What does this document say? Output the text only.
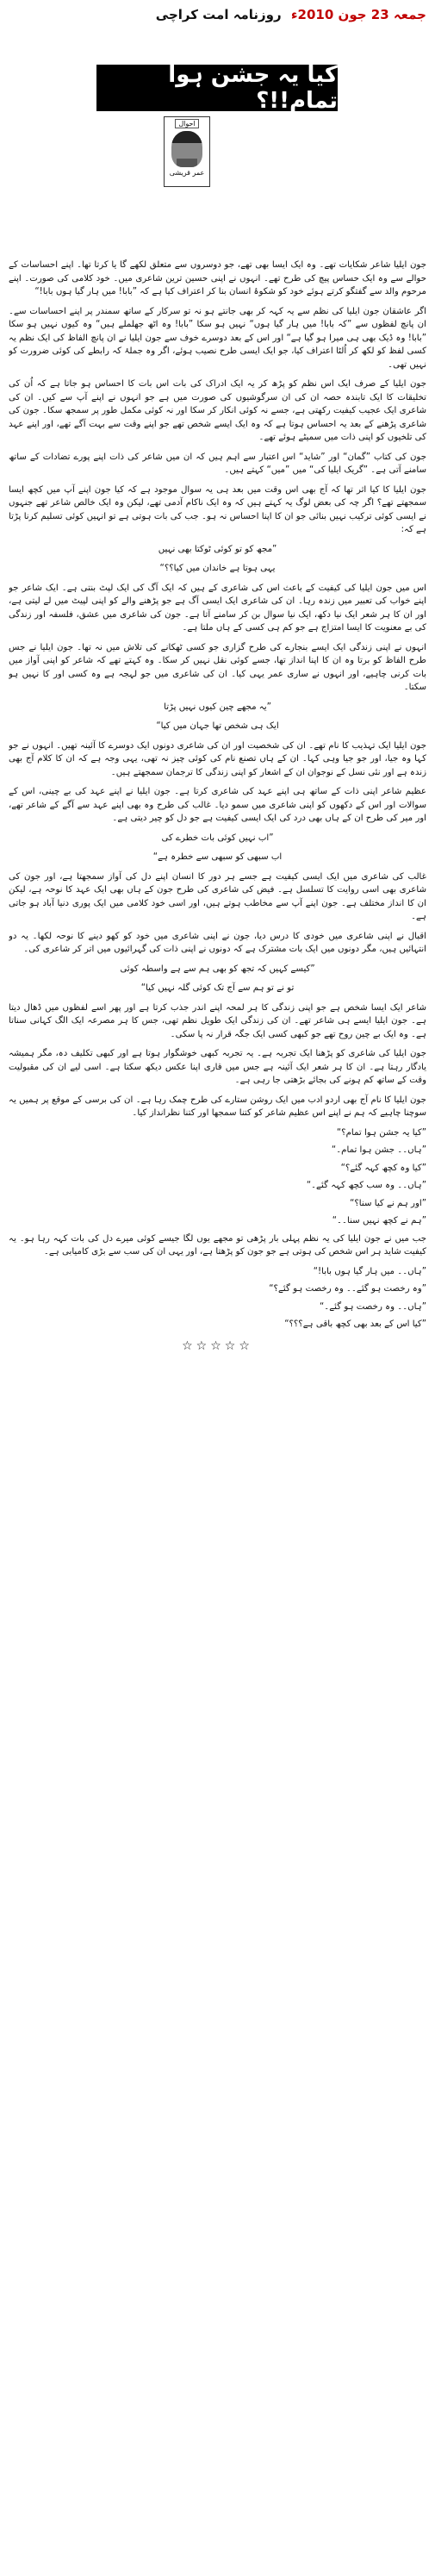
جمعہ 23 جون 2010ء روزنامہ امت کراچی
کیا یہ جشن ہوا تمام!!؟
احوال
عمر قریشی

جون ایلیا شاعر شکایات تھے۔ وہ ایک ایسا بھی تھے، جو دوسروں سے متعلق لکھے گا یا کرتا تھا۔ اپنے احساسات کے حوالے سے وہ ایک حساس پیچ کی طرح تھے۔ انہوں نے اپنی حسین ترین شاعری میں۔ خود کلامی کی صورت۔ اپنے مرحوم والد سے گفتگو کرتے ہوئے خود کو شکوۂ انسان بنا کر اعتراف کیا ہے کہ ”بابا! میں ہار گیا ہوں بابا!“

اگر عاشقان جون ایلیا کی نظم سے یہ کہہ کر بھی جانتے ہو نہ تو سرکار کے ساتھ سمندر پر اپنے احساسات سے۔ ان پانچ لفظوں سے ”کہ بابا! میں ہار گیا ہوں“ نہیں ہو سکا ”بابا! وہ اٹھ جھلملے ہیں“ وہ کیوں نہیں ہو سکا ”بابا! وہ ڈیک بھی ہی میرا ہو گیا ہے“ اور اس کے بعد دوسرے خوف سے جون ایلیا نے ان پانچ الفاظ کی ایک نظم یہ کسی لفظ کو لکھ کر اُلٹا اعتراف کیا، جو ایک ایسی طرح نصیب ہوئے، اگر وہ جملۂ کہ رابطے کی کوئی ضرورت کو نہیں تھی۔

جون ایلیا کے صرف ایک اس نظم کو پڑھ کر یہ ایک ادراک کی بات اس بات کا احساس ہو جاتا ہے کہ اُن کی تخلیقات کا ایک تابندہ حصہ ان کی ان سرگوشیوں کی صورت میں ہے جو انہوں نے اپنے آپ سے کیں۔ ان کی شاعری ایک عجیب کیفیت رکھتی ہے، جسے نہ کوئی انکار کر سکا اور نہ کوئی مکمل طور پر سمجھ سکا۔ جون کی شاعری پڑھنے کے بعد یہ احساس ہوتا ہے کہ وہ ایک ایسے شخص تھے جو اپنے وقت سے بہت آگے تھے، اور اپنے عہد کی تلخیوں کو اپنی ذات میں سمیٹے ہوئے تھے۔

جون کی کتاب ”گمان“ اور ”شاید“ اس اعتبار سے اہم ہیں کہ ان میں شاعر کی ذات اپنے پورے تضادات کے ساتھ سامنے آتی ہے۔ ”گریک ایلیا کی“ میں ”میں“ کہتے ہیں۔

جون ایلیا کا کیا اثر تھا کہ آج بھی اس وقت میں بعد ہی یہ سوال موجود ہے کہ کیا جون اپنے آپ میں کچھ ایسا سمجھتے تھے؟ اگر چہ کی بعض لوگ یہ کہتے ہیں کہ وہ ایک ناکام آدمی تھے، لیکن وہ ایک خالص شاعر تھے جنہوں نے ایسی کوئی ترکیب نہیں بنائی جو ان کا اپنا احساس نہ ہو۔ جب کی بات ہوتی ہے تو انہیں کوئی تسلیم کرنا پڑتا ہے کہ:

”مجھ کو تو کوئی ٹوکتا بھی نہیں
یہی ہوتا ہے خاندان میں کیا؟؟“

اس میں جون ایلیا کی کیفیت کے باعث اس کی شاعری کے ہیں کہ ایک آگ کی ایک لپٹ بنتی ہے۔ ایک شاعر جو اپنے خواب کی تعبیر میں زندہ رہا۔ ان کی شاعری ایک ایسی آگ ہے جو پڑھنے والے کو اپنی لپیٹ میں لے لیتی ہے، اور ان کا ہر شعر ایک نیا دکھ، ایک نیا سوال بن کر سامنے آتا ہے۔ جون کی شاعری میں عشق، فلسفہ اور زندگی کی بے معنویت کا ایسا امتزاج ہے جو کم ہی کسی کے ہاں ملتا ہے۔

انہوں نے اپنی زندگی ایک ایسے بنجارے کی طرح گزاری جو کسی ٹھکانے کی تلاش میں نہ تھا۔ جون ایلیا نے جس طرح الفاظ کو برتا وہ ان کا اپنا انداز تھا، جسے کوئی نقل نہیں کر سکا۔ وہ کہتے تھے کہ شاعر کو اپنی آواز میں بات کرنی چاہیے، اور انہوں نے ساری عمر یہی کیا۔ ان کی شاعری میں جو لہجہ ہے وہ کسی اور کا نہیں ہو سکتا۔

”یہ مجھے چین کیوں نہیں پڑتا
ایک ہی شخص تھا جہان میں کیا“

جون ایلیا ایک تہذیب کا نام تھے۔ ان کی شخصیت اور ان کی شاعری دونوں ایک دوسرے کا آئینہ تھیں۔ انہوں نے جو کہا وہ جیا، اور جو جیا وہی کہا۔ ان کے ہاں تصنع نام کی کوئی چیز نہ تھی، یہی وجہ ہے کہ ان کا کلام آج بھی زندہ ہے اور نئی نسل کے نوجوان ان کے اشعار کو اپنی زندگی کا ترجمان سمجھتے ہیں۔

عظیم شاعر اپنی ذات کے ساتھ ہی اپنے عہد کی شاعری کرتا ہے۔ جون ایلیا نے اپنے عہد کی بے چینی، اس کے سوالات اور اس کے دکھوں کو اپنی شاعری میں سمو دیا۔ غالب کی طرح وہ بھی اپنے عہد سے آگے کے شاعر تھے، اور میر کی طرح ان کے ہاں بھی درد کی ایک ایسی کیفیت ہے جو دل کو چیر دیتی ہے۔

”اب نہیں کوئی بات خطرے کی
اب سبھی کو سبھی سے خطرہ ہے“

غالب کی شاعری میں ایک ایسی کیفیت ہے جسے ہر دور کا انسان اپنے دل کی آواز سمجھتا ہے، اور جون کی شاعری بھی اسی روایت کا تسلسل ہے۔ فیض کی شاعری کی طرح جون کے ہاں بھی ایک عہد کا نوحہ ہے، لیکن ان کا انداز مختلف ہے۔ جون اپنے آپ سے مخاطب ہوتے ہیں، اور اسی خود کلامی میں ایک پوری دنیا آباد ہو جاتی ہے۔

اقبال نے اپنی شاعری میں خودی کا درس دیا، جون نے اپنی شاعری میں خود کو کھو دینے کا نوحہ لکھا۔ یہ دو انتہائیں ہیں، مگر دونوں میں ایک بات مشترک ہے کہ دونوں نے اپنی ذات کی گہرائیوں میں اتر کر شاعری کی۔

”کیسے کہیں کہ تجھ کو بھی ہم سے ہے واسطہ کوئی
تو نے تو ہم سے آج تک کوئی گلہ نہیں کیا“

شاعر ایک ایسا شخص ہے جو اپنی زندگی کا ہر لمحہ اپنے اندر جذب کرتا ہے اور پھر اسے لفظوں میں ڈھال دیتا ہے۔ جون ایلیا ایسے ہی شاعر تھے۔ ان کی زندگی ایک طویل نظم تھی، جس کا ہر مصرعہ ایک الگ کہانی سناتا ہے۔ وہ ایک بے چین روح تھے جو کبھی کسی ایک جگہ قرار نہ پا سکی۔

جون ایلیا کی شاعری کو پڑھنا ایک تجربہ ہے۔ یہ تجربہ کبھی خوشگوار ہوتا ہے اور کبھی تکلیف دہ، مگر ہمیشہ یادگار رہتا ہے۔ ان کا ہر شعر ایک آئینہ ہے جس میں قاری اپنا عکس دیکھ سکتا ہے۔ اسی لیے ان کی مقبولیت وقت کے ساتھ کم ہونے کی بجائے بڑھتی جا رہی ہے۔

جون ایلیا کا نام آج بھی اردو ادب میں ایک روشن ستارے کی طرح چمک رہا ہے۔ ان کی برسی کے موقع پر ہمیں یہ سوچنا چاہیے کہ ہم نے اپنے اس عظیم شاعر کو کتنا سمجھا اور کتنا نظرانداز کیا۔

”کیا یہ جشن ہوا تمام؟“
”ہاں۔۔ جشن ہوا تمام۔“
”کیا وہ کچھ کہہ گئے؟“
”ہاں۔۔ وہ سب کچھ کہہ گئے۔“
”اور ہم نے کیا سنا؟“
”ہم نے کچھ نہیں سنا۔۔“

جب میں نے جون ایلیا کی یہ نظم پہلی بار پڑھی تو مجھے یوں لگا جیسے کوئی میرے دل کی بات کہہ رہا ہو۔ یہ کیفیت شاید ہر اس شخص کی ہوتی ہے جو جون کو پڑھتا ہے، اور یہی ان کی سب سے بڑی کامیابی ہے۔

”ہاں۔۔ میں ہار گیا ہوں بابا!“
”وہ رخصت ہو گئے۔۔ وہ رخصت ہو گئے؟“
”ہاں۔۔ وہ رخصت ہو گئے۔“
”کیا اس کے بعد بھی کچھ باقی ہے؟؟؟“
☆☆☆☆☆
